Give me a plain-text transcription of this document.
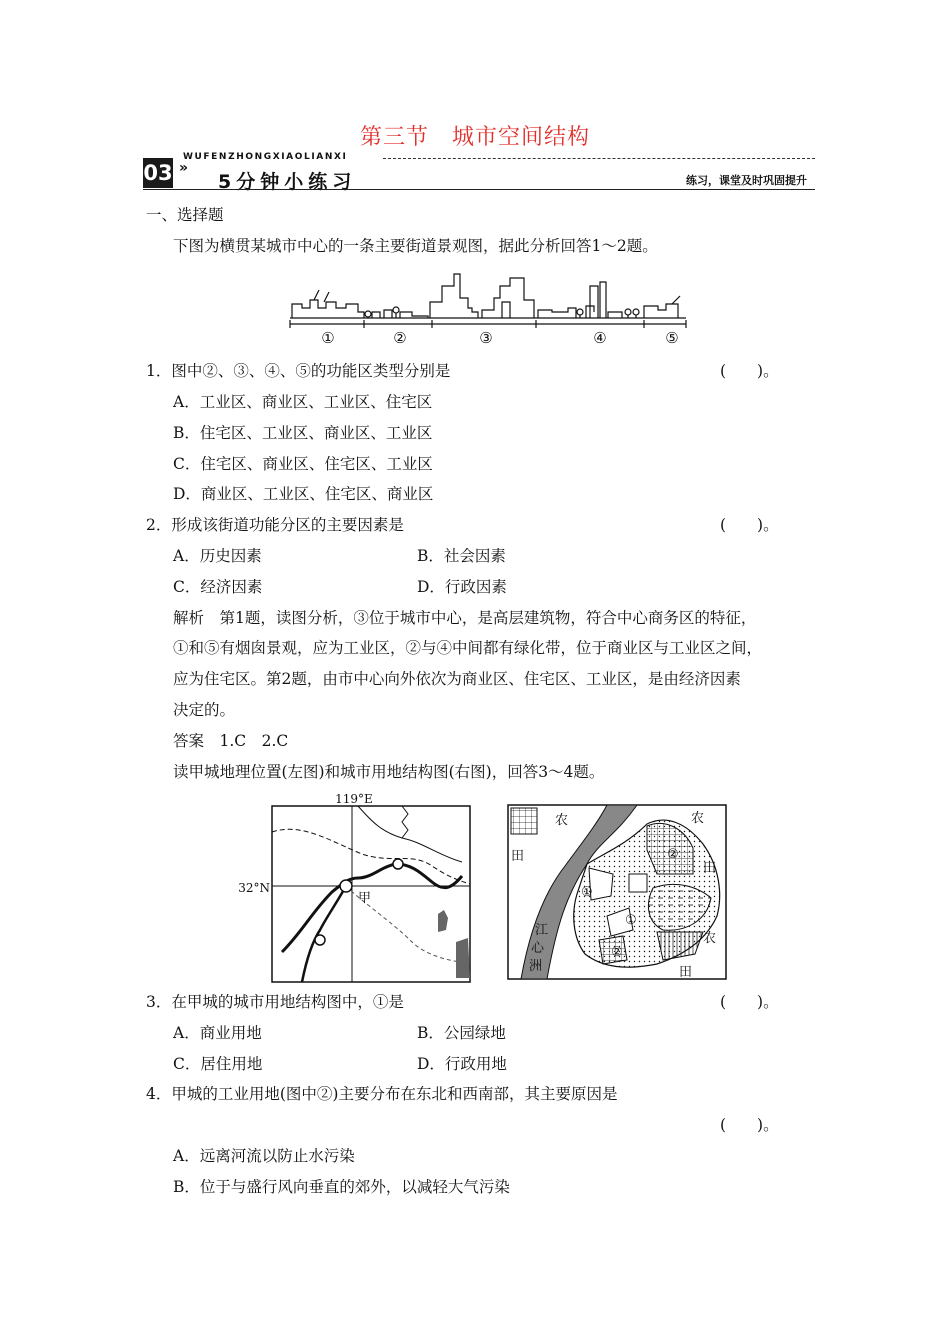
第三节　城市空间结构
03 »
WUFENZHONGXIAOLIANXI
5分钟小练习	练习，课堂及时巩固提升
一、选择题
下图为横贯某城市中心的一条主要街道景观图，据此分析回答1～2题。
①	②	③	④	⑤
1．图中②、③、④、⑤的功能区类型分别是	(　　)。
A．工业区、商业区、工业区、住宅区
B．住宅区、工业区、商业区、工业区
C．住宅区、商业区、住宅区、工业区
D．商业区、工业区、住宅区、商业区
2．形成该街道功能分区的主要因素是	(　　)。
A．历史因素	B．社会因素
C．经济因素	D．行政因素
解析　第1题，读图分析，③位于城市中心，是高层建筑物，符合中心商务区的特征，
①和⑤有烟囱景观，应为工业区，②与④中间都有绿化带，位于商业区与工业区之间，
应为住宅区。第2题，由市中心向外依次为商业区、住宅区、工业区，是由经济因素
决定的。
答案　1.C　2.C
读甲城地理位置(左图)和城市用地结构图(右图)，回答3～4题。
119°E
32°N
甲
农
田
农
田
农
田
江
心
洲
①
①
②
②
3．在甲城的城市用地结构图中，①是	(　　)。
A．商业用地	B．公园绿地
C．居住用地	D．行政用地
4．甲城的工业用地(图中②)主要分布在东北和西南部，其主要原因是
(　　)。
A．远离河流以防止水污染
B．位于与盛行风向垂直的郊外，以减轻大气污染
